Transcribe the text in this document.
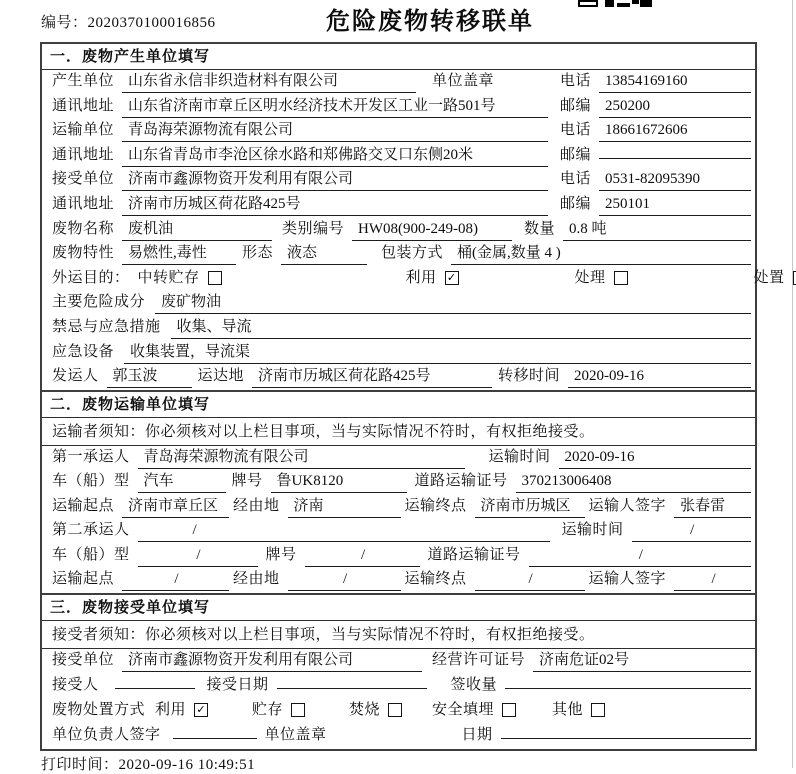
编号：2020370100016856	危险废物转移联单
一．废物产生单位填写
产生单位 山东省永信非织造材料有限公司	单位盖章	电话 13854169160
通讯地址 山东省济南市章丘区明水经济技术开发区工业一路501号	邮编 250200
运输单位 青岛海荣源物流有限公司	电话 18661672606
通讯地址 山东省青岛市李沧区徐水路和郑佛路交叉口东侧20米	邮编
接受单位 济南市鑫源物资开发利用有限公司	电话 0531-82095390
通讯地址 济南市历城区荷花路425号	邮编 250101
废物名称 废机油	类别编号 HW08(900-249-08)	数量 0.8 吨
废物特性 易燃性,毒性	形态 液态	包装方式 桶(金属,数量 4 )
外运目的： 中转贮存	利用 ✓	处理	处置
主要危险成分	废矿物油
禁忌与应急措施	收集、导流
应急设备	收集装置，导流渠
发运人 郭玉波	运达地 济南市历城区荷花路425号	转移时间 2020-09-16
二．废物运输单位填写
运输者须知：你必须核对以上栏目事项，当与实际情况不符时，有权拒绝接受。
第一承运人 青岛海荣源物流有限公司	运输时间 2020-09-16
车（船）型 汽车	牌号 鲁UK8120	道路运输证号 370213006408
运输起点 济南市章丘区 经由地 济南	运输终点 济南市历城区	运输人签字 张春雷
第二承运人	/	运输时间	/
车（船）型	/	牌号	/	道路运输证号	/
运输起点	/	经由地	/	运输终点	/	运输人签字	/
三．废物接受单位填写
接受者须知：你必须核对以上栏目事项，当与实际情况不符时，有权拒绝接受。
接受单位 济南市鑫源物资开发利用有限公司	经营许可证号 济南危证02号
接受人	接受日期	签收量
废物处置方式 利用 ✓	贮存	焚烧	安全填埋	其他
单位负责人签字	单位盖章	日期
打印时间：2020-09-16 10:49:51
